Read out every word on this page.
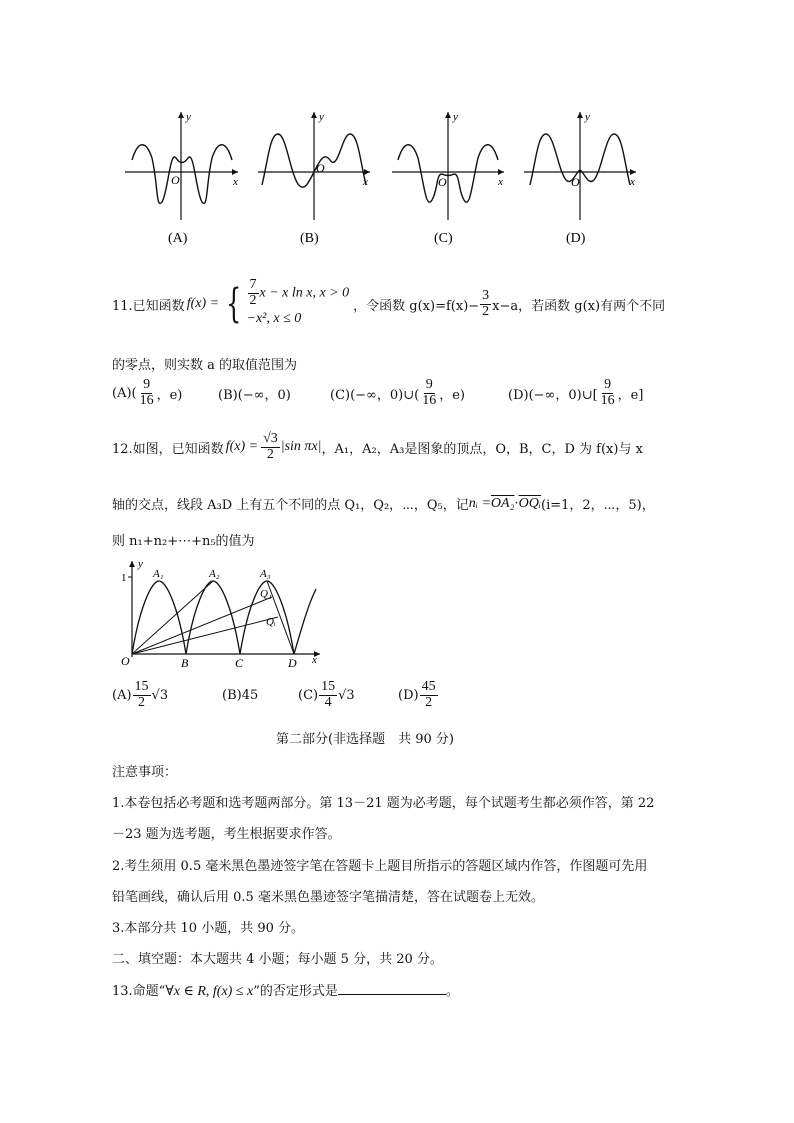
y
x
O
(A)
y
x
O
(B)
y
x
O
(C)
y
x
O
(D)
11.已知函数 f(x) = { $\frac{7}{2}$ x − x ln x, x > 0
−x², x ≤ 0
，令函数 $g(x)=f(x)- \frac{3}{2} x-a$，若函数 g(x)有两个不同
的零点，则实数 a 的取值范围为
$(A)( \frac{9}{16}$ ，e)	(B)(−∞，0)	(C)(−∞，0)∪( $\frac{9}{16}$ ，e)	(D)(−∞，0)∪[ $\frac{9}{16}$ ，e]
12.如图，已知函数 $f(x) = \frac{√3}{2} |\sin$ πx| ，A₁，A₂，A₃是图象的顶点，O，B，C，D 为 f(x)与 x
轴的交点，线段 A₃D 上有五个不同的点 Q₁，Q₂，⋯，Q₅，记 nᵢ = $OA_2 \cdot \overline{OQᵢ}$ (i=1，2，⋯，5)，
则 n₁+n₂+⋯+n₅的值为
y
x
1 A₁	A₂	A₃
Q₁
Qᵢ
O	B	C	D
$(A) \frac{15}{2} √3$	(B)45	$(C) \frac{15}{4} √3$	$(D) \frac{45}{2}$
第二部分(非选择题　共 90 分)
注意事项：
1.本卷包括必考题和选考题两部分。第 13－21 题为必考题，每个试题考生都必须作答，第 22
－23 题为选考题，考生根据要求作答。
2.考生须用 0.5 毫米黑色墨迹签字笔在答题卡上题目所指示的答题区域内作答，作图题可先用
铅笔画线，确认后用 0.5 毫米黑色墨迹签字笔描清楚，答在试题卷上无效。
3.本部分共 10 小题，共 90 分。
二、填空题：本大题共 4 小题；每小题 5 分，共 20 分。
13.命题“ ∀x ∈ R, f(x) ≤ x ”的否定形式是	。
